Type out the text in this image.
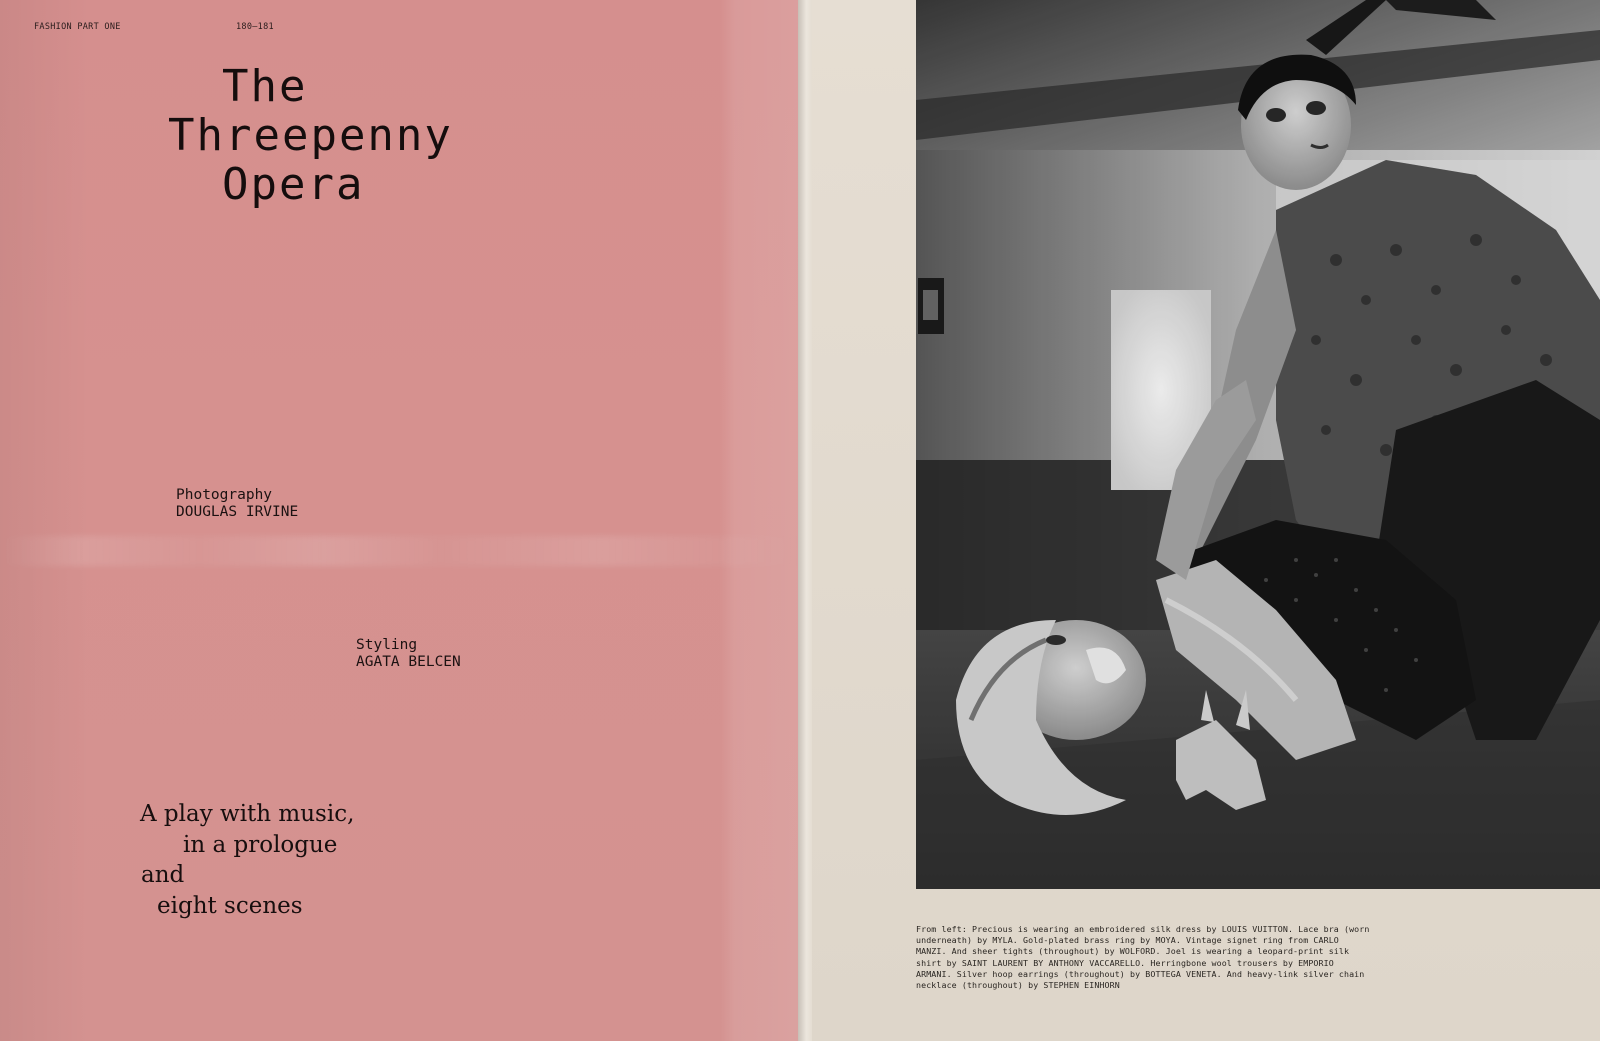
FASHION PART ONE	180—181
The
Threepenny
Opera
Photography
DOUGLAS IRVINE
Styling
AGATA BELCEN
A play with music,
in a prologue
and
eight scenes
From left: Precious is wearing an embroidered silk dress by LOUIS VUITTON. Lace bra (worn underneath) by MYLA. Gold-plated brass ring by MOYA. Vintage signet ring from CARLO MANZI. And sheer tights (throughout) by WOLFORD. Joel is wearing a leopard-print silk shirt by SAINT LAURENT BY ANTHONY VACCARELLO. Herringbone wool trousers by EMPORIO ARMANI. Silver hoop earrings (throughout) by BOTTEGA VENETA. And heavy-link silver chain necklace (throughout) by STEPHEN EINHORN
